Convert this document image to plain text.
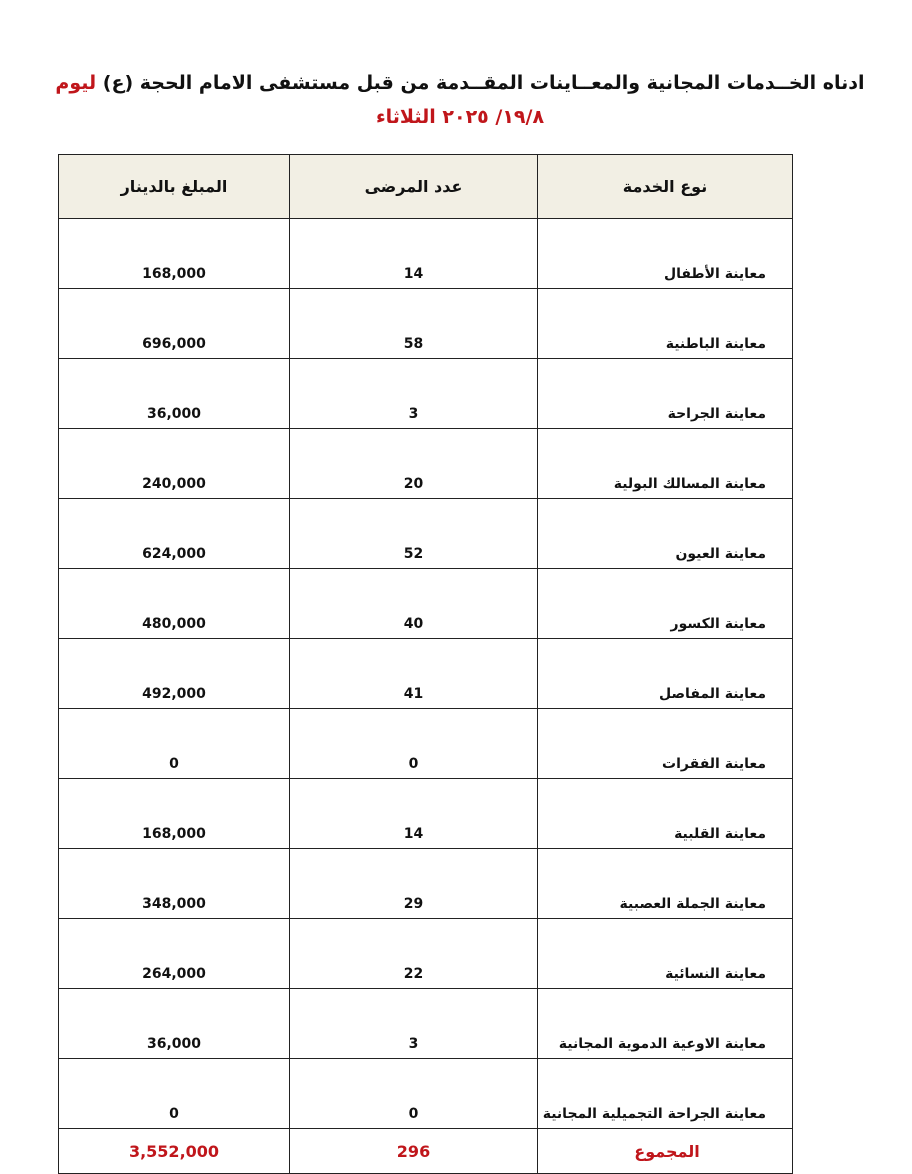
ادناه الخــدمات المجانية والمعــاينات المقــدمة من قبل مستشفى الامام الحجة (ع) ليوم
١٩/٨/ ٢٠٢٥ الثلاثاء
نوع الخدمة	عدد المرضى	المبلغ بالدينار
معاينة الأطفال	14	168,000
معاينة الباطنية	58	696,000
معاينة الجراحة	3	36,000
معاينة المسالك البولية	20	240,000
معاينة العيون	52	624,000
معاينة الكسور	40	480,000
معاينة المفاصل	41	492,000
معاينة الفقرات	0	0
معاينة القلبية	14	168,000
معاينة الجملة العصبية	29	348,000
معاينة النسائية	22	264,000
معاينة الاوعية الدموية المجانية	3	36,000
معاينة الجراحة التجميلية المجانية	0	0
المجموع	296	3,552,000
